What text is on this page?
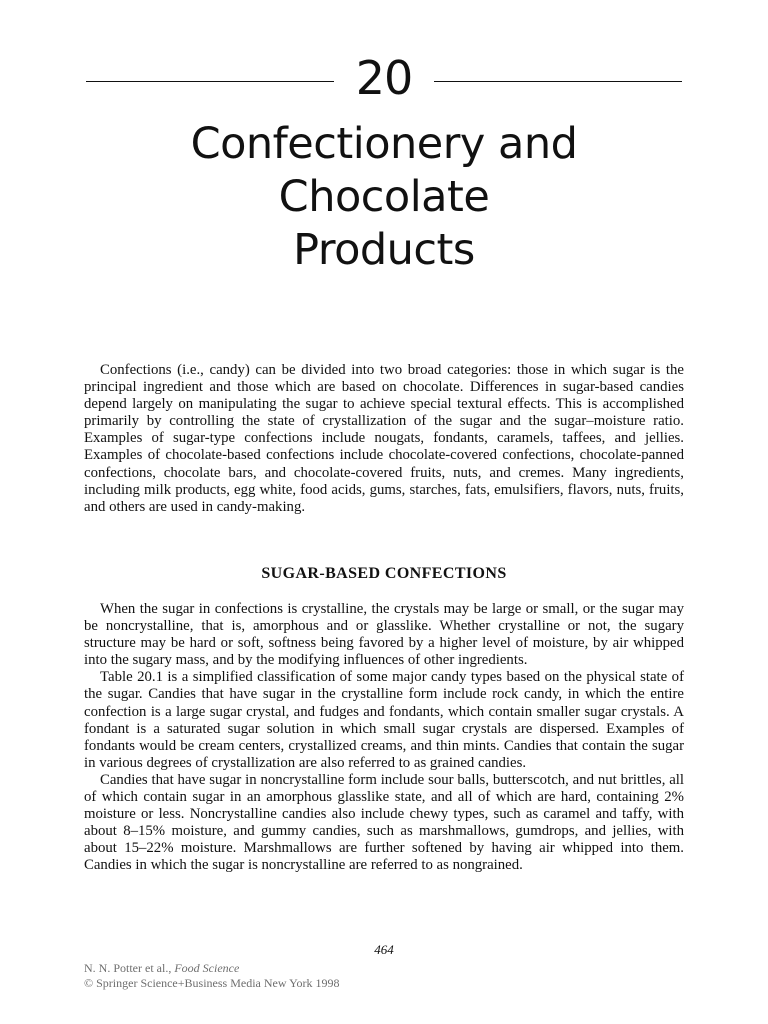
20
Confectionery and
Chocolate
Products

Confections (i.e., candy) can be divided into two broad categories: those in which sugar is the principal ingredient and those which are based on chocolate. Differences in sugar-based candies depend largely on manipulating the sugar to achieve special textural effects. This is accomplished primarily by controlling the state of crystallization of the sugar and the sugar–moisture ratio. Examples of sugar-type confections include nougats, fondants, caramels, taffees, and jellies. Examples of chocolate-based confections include chocolate-covered confections, chocolate-panned confections, chocolate bars, and chocolate-covered fruits, nuts, and cremes. Many ingredients, including milk products, egg white, food acids, gums, starches, fats, emulsifiers, flavors, nuts, fruits, and others are used in candy-making.

SUGAR-BASED CONFECTIONS

When the sugar in confections is crystalline, the crystals may be large or small, or the sugar may be noncrystalline, that is, amorphous and or glasslike. Whether crystalline or not, the sugary structure may be hard or soft, softness being favored by a higher level of moisture, by air whipped into the sugary mass, and by the modifying influences of other ingredients.

Table 20.1 is a simplified classification of some major candy types based on the physical state of the sugar. Candies that have sugar in the crystalline form include rock candy, in which the entire confection is a large sugar crystal, and fudges and fondants, which contain smaller sugar crystals. A fondant is a saturated sugar solution in which small sugar crystals are dispersed. Examples of fondants would be cream centers, crystallized creams, and thin mints. Candies that contain the sugar in various degrees of crystallization are also referred to as grained candies.

Candies that have sugar in noncrystalline form include sour balls, butterscotch, and nut brittles, all of which contain sugar in an amorphous glasslike state, and all of which are hard, containing 2% moisture or less. Noncrystalline candies also include chewy types, such as caramel and taffy, with about 8–15% moisture, and gummy candies, such as marshmallows, gumdrops, and jellies, with about 15–22% moisture. Marshmallows are further softened by having air whipped into them. Candies in which the sugar is noncrystalline are referred to as nongrained.

464
N. N. Potter et al., Food Science
© Springer Science+Business Media New York 1998
